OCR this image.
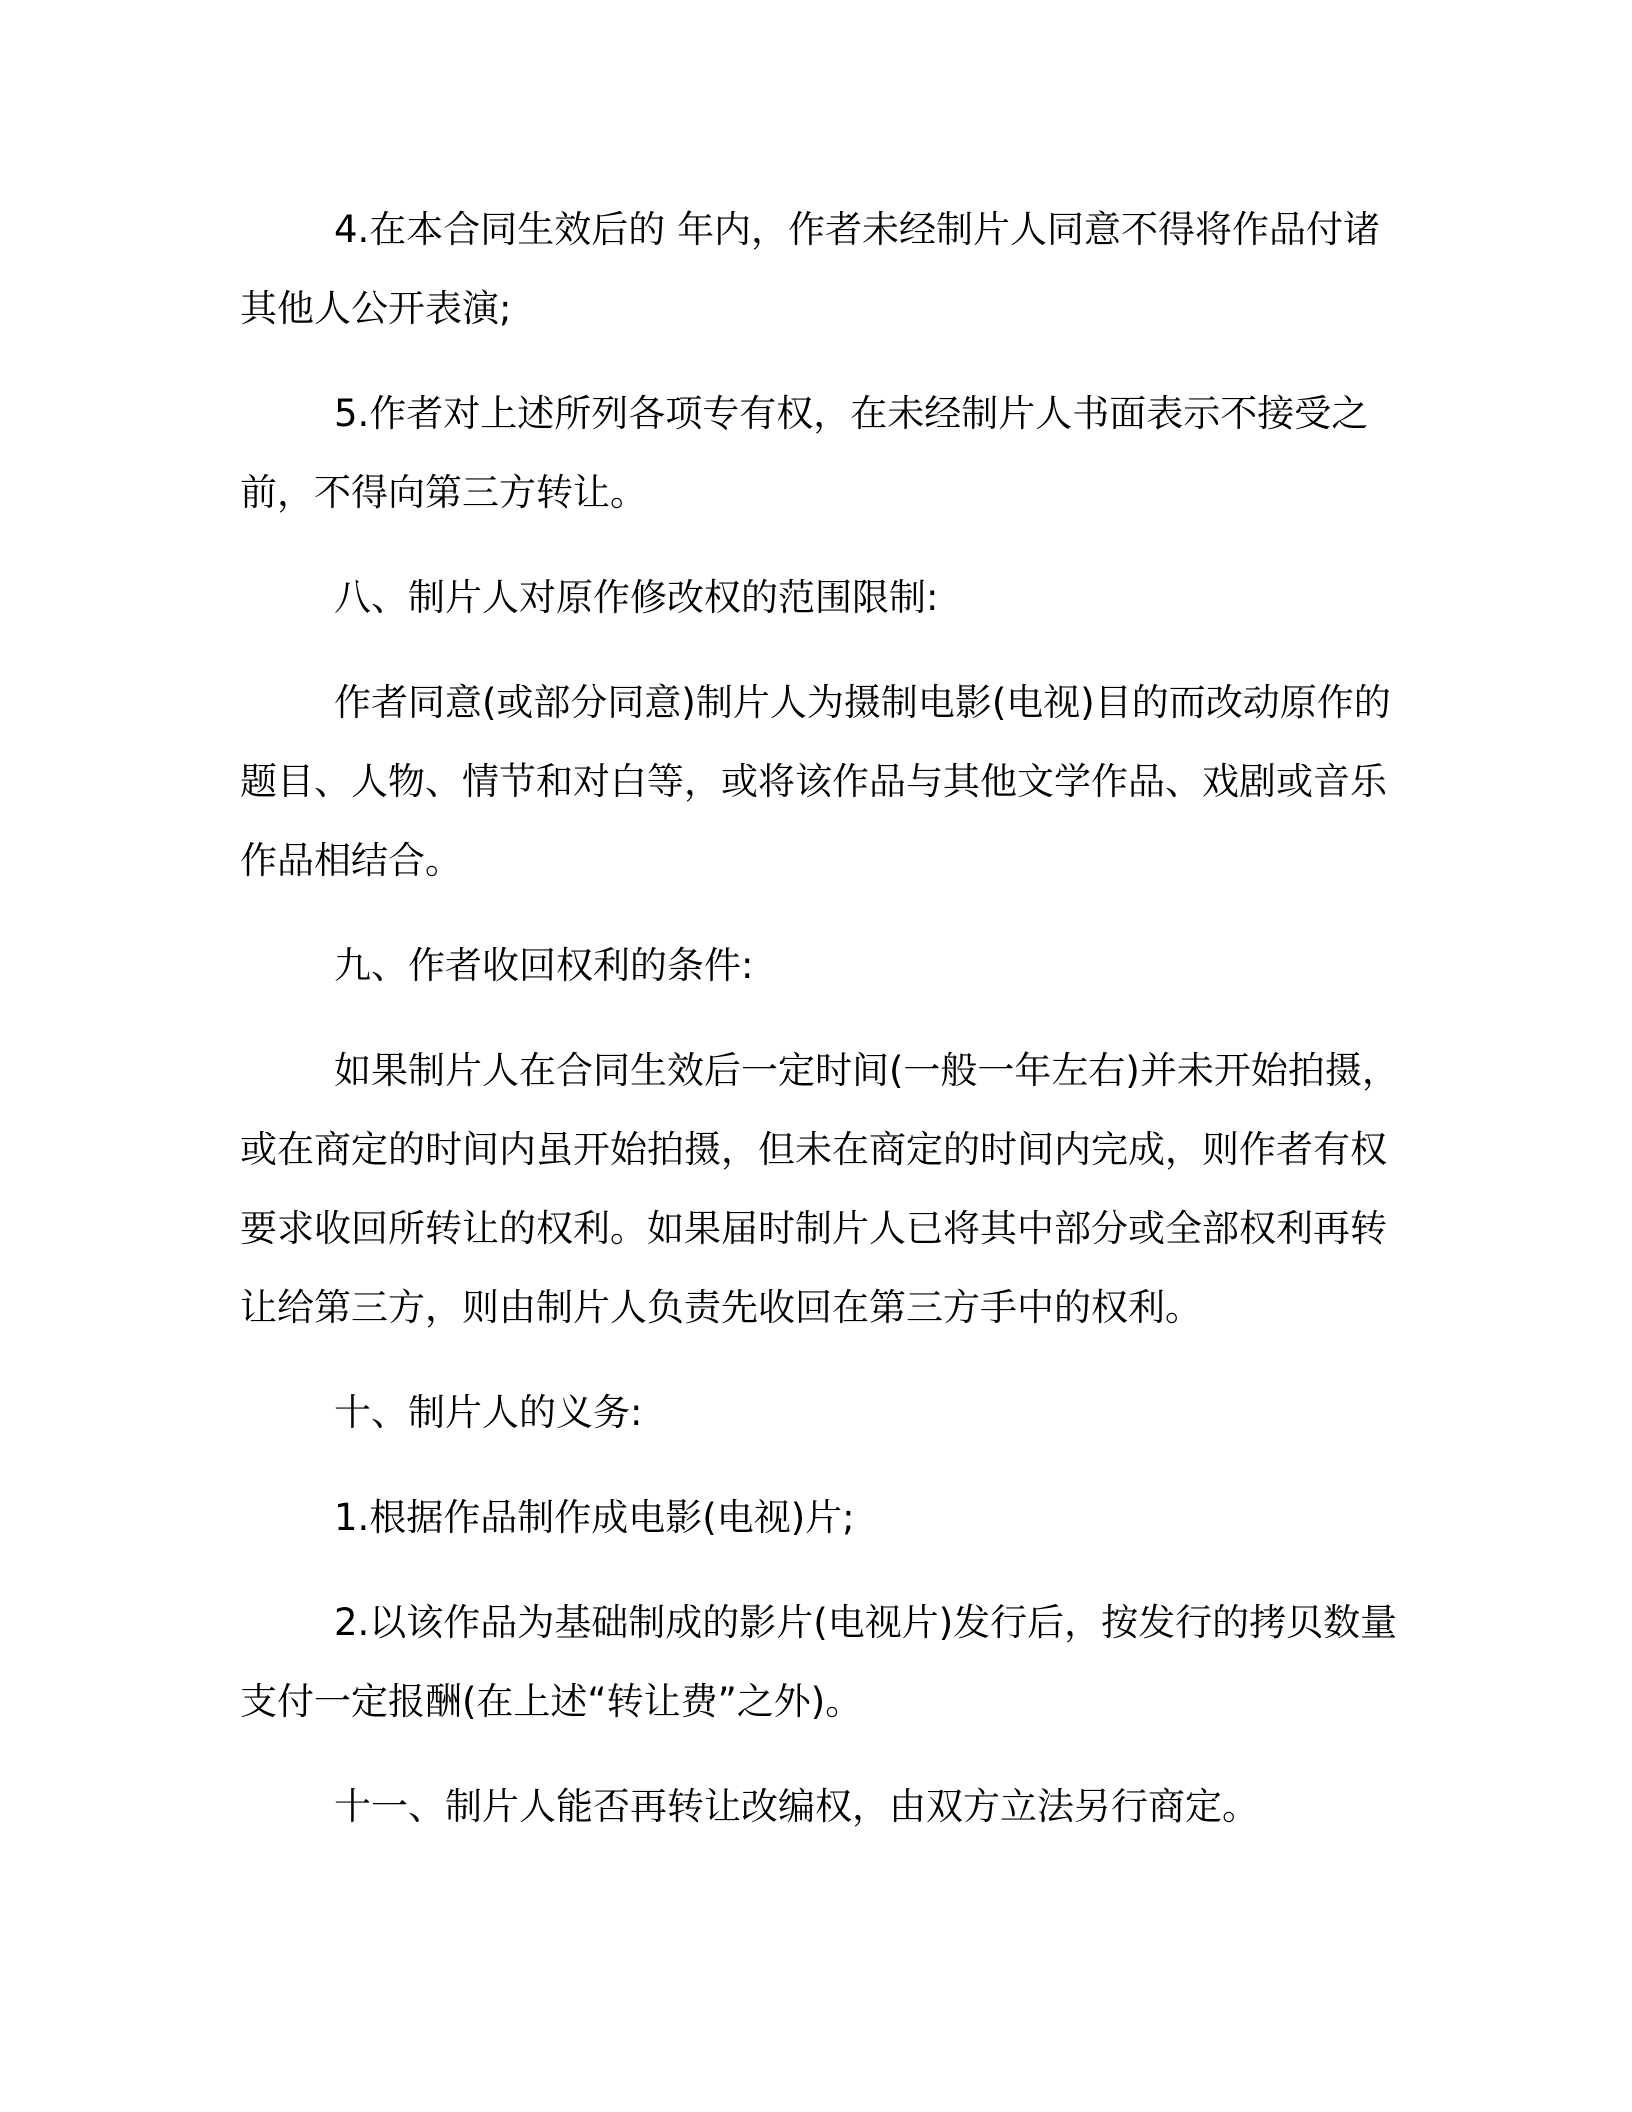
4.在本合同生效后的 年内，作者未经制片人同意不得将作品付诸其他人公开表演;

5.作者对上述所列各项专有权，在未经制片人书面表示不接受之前，不得向第三方转让。

八、制片人对原作修改权的范围限制:

作者同意(或部分同意)制片人为摄制电影(电视)目的而改动原作的题目、人物、情节和对白等，或将该作品与其他文学作品、戏剧或音乐作品相结合。

九、作者收回权利的条件:

如果制片人在合同生效后一定时间(一般一年左右)并未开始拍摄，或在商定的时间内虽开始拍摄，但未在商定的时间内完成，则作者有权要求收回所转让的权利。如果届时制片人已将其中部分或全部权利再转让给第三方，则由制片人负责先收回在第三方手中的权利。

十、制片人的义务:

1.根据作品制作成电影(电视)片;

2.以该作品为基础制成的影片(电视片)发行后，按发行的拷贝数量支付一定报酬(在上述“转让费”之外)。

十一、制片人能否再转让改编权，由双方立法另行商定。
